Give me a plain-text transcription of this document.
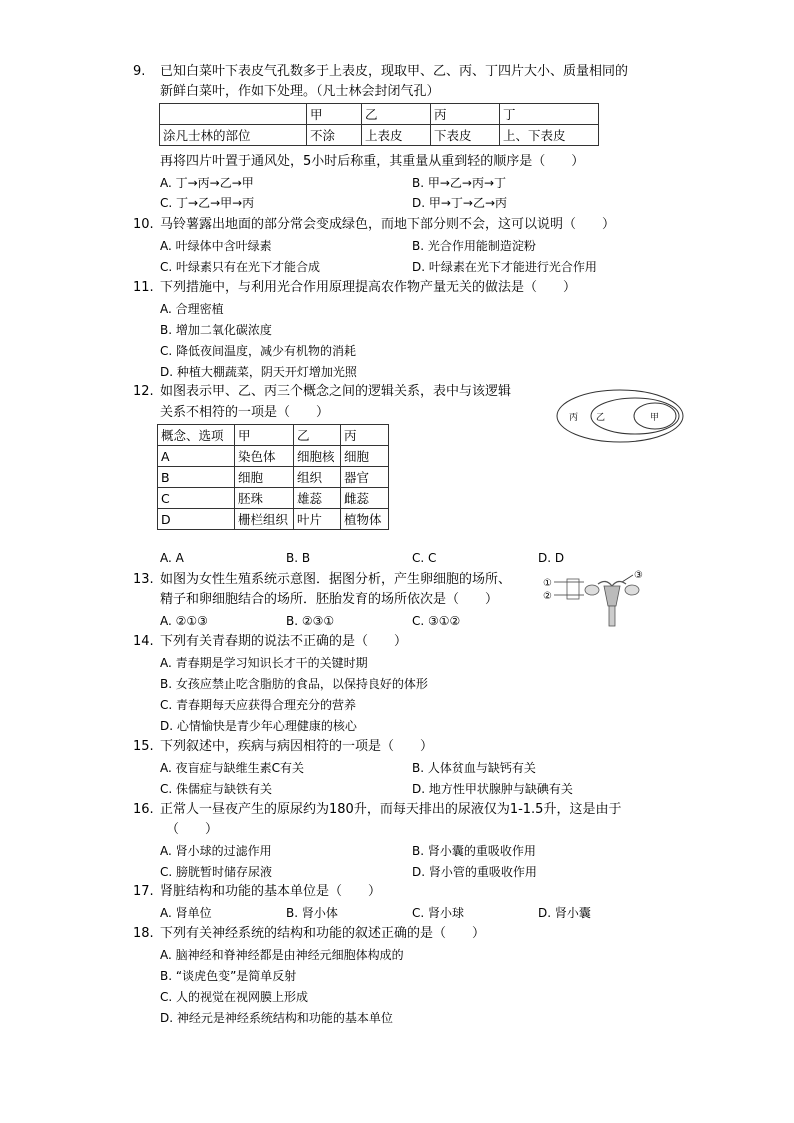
9. 已知白菜叶下表皮气孔数多于上表皮，现取甲、乙、丙、丁四片大小、质量相同的
新鲜白菜叶，作如下处理。（凡士林会封闭气孔）
	甲	乙	丙	丁
涂凡士林的部位	不涂	上表皮	下表皮	上、下表皮
再将四片叶置于通风处，5小时后称重，其重量从重到轻的顺序是（　　）
A. 丁→丙→乙→甲	B. 甲→乙→丙→丁
C. 丁→乙→甲→丙	D. 甲→丁→乙→丙
10. 马铃薯露出地面的部分常会变成绿色，而地下部分则不会，这可以说明（　　）
A. 叶绿体中含叶绿素	B. 光合作用能制造淀粉
C. 叶绿素只有在光下才能合成	D. 叶绿素在光下才能进行光合作用
11. 下列措施中，与利用光合作用原理提高农作物产量无关的做法是（　　）
A. 合理密植
B. 增加二氧化碳浓度
C. 降低夜间温度，减少有机物的消耗
D. 种植大棚蔬菜，阴天开灯增加光照
12. 如图表示甲、乙、丙三个概念之间的逻辑关系，表中与该逻辑
关系不相符的一项是（　　）	丙 乙	甲
概念、选项	甲	乙	丙
A	染色体	细胞核	细胞
B	细胞	组织	器官
C	胚珠	雄蕊	雌蕊
D	栅栏组织	叶片	植物体
A. A	B. B	C. C	D. D
13. 如图为女性生殖系统示意图．据图分析，产生卵细胞的场所、
精子和卵细胞结合的场所．胚胎发育的场所依次是（　　）
①
②
③
A. ②①③	B. ②③①	C. ③①②
14. 下列有关青春期的说法不正确的是（　　）
A. 青春期是学习知识长才干的关键时期
B. 女孩应禁止吃含脂肪的食品，以保持良好的体形
C. 青春期每天应获得合理充分的营养
D. 心情愉快是青少年心理健康的核心
15. 下列叙述中，疾病与病因相符的一项是（　　）
A. 夜盲症与缺维生素C有关	B. 人体贫血与缺钙有关
C. 侏儒症与缺铁有关	D. 地方性甲状腺肿与缺碘有关
16. 正常人一昼夜产生的原尿约为180升，而每天排出的尿液仅为1-1.5升，这是由于
（　　）
A. 肾小球的过滤作用	B. 肾小囊的重吸收作用
C. 膀胱暂时储存尿液	D. 肾小管的重吸收作用
17. 肾脏结构和功能的基本单位是（　　）
A. 肾单位	B. 肾小体	C. 肾小球	D. 肾小囊
18. 下列有关神经系统的结构和功能的叙述正确的是（　　）
A. 脑神经和脊神经都是由神经元细胞体构成的
B. “谈虎色变”是简单反射
C. 人的视觉在视网膜上形成
D. 神经元是神经系统结构和功能的基本单位
